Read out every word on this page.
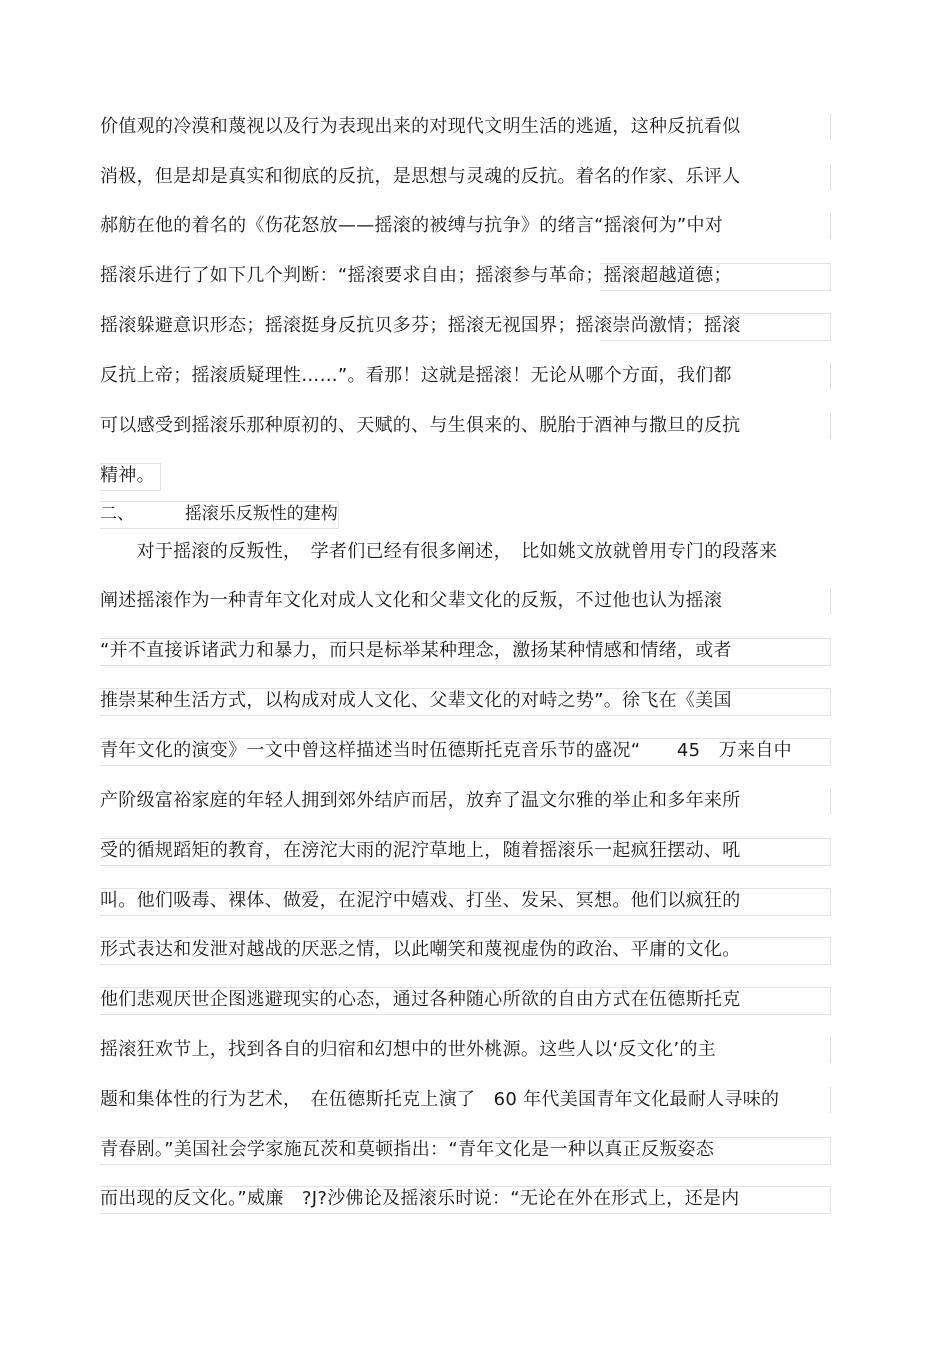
价值观的冷漠和蔑视以及行为表现出来的对现代文明生活的逃遁，这种反抗看似
消极，但是却是真实和彻底的反抗，是思想与灵魂的反抗。着名的作家、乐评人
郝舫在他的着名的《伤花怒放——摇滚的被缚与抗争》的绪言“摇滚何为”中对
摇滚乐进行了如下几个判断：“摇滚要求自由；摇滚参与革命；摇滚超越道德；
摇滚躲避意识形态；摇滚挺身反抗贝多芬；摇滚无视国界；摇滚崇尚激情；摇滚
反抗上帝；摇滚质疑理性……”。看那！这就是摇滚！无论从哪个方面，我们都
可以感受到摇滚乐那种原初的、天赋的、与生俱来的、脱胎于酒神与撒旦的反抗
精神。
二、	摇滚乐反叛性的建构
　　对于摇滚的反叛性，　学者们已经有很多阐述，　比如姚文放就曾用专门的段落来
阐述摇滚作为一种青年文化对成人文化和父辈文化的反叛，不过他也认为摇滚
“并不直接诉诸武力和暴力，而只是标举某种理念，激扬某种情感和情绪，或者
推崇某种生活方式，以构成对成人文化、父辈文化的对峙之势”。徐飞在《美国
青年文化的演变》一文中曾这样描述当时伍德斯托克音乐节的盛况“　　45　万来自中
产阶级富裕家庭的年轻人拥到郊外结庐而居，放弃了温文尔雅的举止和多年来所
受的循规蹈矩的教育，在滂沱大雨的泥泞草地上，随着摇滚乐一起疯狂摆动、吼
叫。他们吸毒、裸体、做爱，在泥泞中嬉戏、打坐、发呆、冥想。他们以疯狂的
形式表达和发泄对越战的厌恶之情，以此嘲笑和蔑视虚伪的政治、平庸的文化。
他们悲观厌世企图逃避现实的心态，通过各种随心所欲的自由方式在伍德斯托克
摇滚狂欢节上，找到各自的归宿和幻想中的世外桃源。这些人以‘反文化’的主
题和集体性的行为艺术，　在伍德斯托克上演了　60 年代美国青年文化最耐人寻味的
青春剧。”美国社会学家施瓦茨和莫顿指出：“青年文化是一种以真正反叛姿态
而出现的反文化。”威廉　?J?沙佛论及摇滚乐时说：“无论在外在形式上，还是内
